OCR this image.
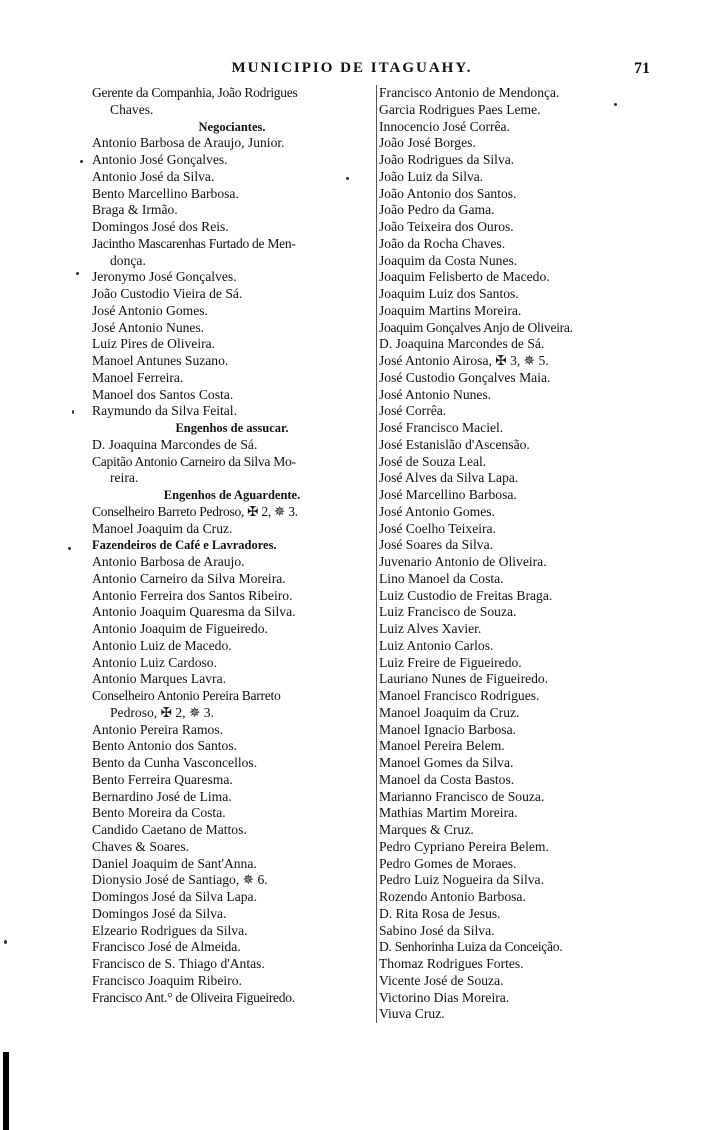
MUNICIPIO DE ITAGUAHY.	71
Gerente da Companhia, João Rodrigues
Chaves.
Negociantes.
Antonio Barbosa de Araujo, Junior.
Antonio José Gonçalves.
Antonio José da Silva.
Bento Marcellino Barbosa.
Braga & Irmão.
Domingos José dos Reis.
Jacintho Mascarenhas Furtado de Men-
donça.
Jeronymo José Gonçalves.
João Custodio Vieira de Sá.
José Antonio Gomes.
José Antonio Nunes.
Luiz Pires de Oliveira.
Manoel Antunes Suzano.
Manoel Ferreira.
Manoel dos Santos Costa.
Raymundo da Silva Feital.
Engenhos de assucar.
D. Joaquina Marcondes de Sá.
Capitão Antonio Carneiro da Silva Mo-
reira.
Engenhos de Aguardente.
Conselheiro Barreto Pedroso, ✠ 2, ✵ 3.
Manoel Joaquim da Cruz.
Fazendeiros de Café e Lavradores.
Antonio Barbosa de Araujo.
Antonio Carneiro da Silva Moreira.
Antonio Ferreira dos Santos Ribeiro.
Antonio Joaquim Quaresma da Silva.
Antonio Joaquim de Figueiredo.
Antonio Luiz de Macedo.
Antonio Luiz Cardoso.
Antonio Marques Lavra.
Conselheiro Antonio Pereira Barreto
Pedroso, ✠ 2, ✵ 3.
Antonio Pereira Ramos.
Bento Antonio dos Santos.
Bento da Cunha Vasconcellos.
Bento Ferreira Quaresma.
Bernardino José de Lima.
Bento Moreira da Costa.
Candido Caetano de Mattos.
Chaves & Soares.
Daniel Joaquim de Sant'Anna.
Dionysio José de Santiago, ✵ 6.
Domingos José da Silva Lapa.
Domingos José da Silva.
Elzeario Rodrigues da Silva.
Francisco José de Almeida.
Francisco de S. Thiago d'Antas.
Francisco Joaquim Ribeiro.
Francisco Ant.° de Oliveira Figueiredo.
Francisco Antonio de Mendonça.
Garcia Rodrigues Paes Leme.
Innocencio José Corrêa.
João José Borges.
João Rodrigues da Silva.
João Luiz da Silva.
João Antonio dos Santos.
João Pedro da Gama.
João Teixeira dos Ouros.
João da Rocha Chaves.
Joaquim da Costa Nunes.
Joaquim Felisberto de Macedo.
Joaquim Luiz dos Santos.
Joaquim Martins Moreira.
Joaquim Gonçalves Anjo de Oliveira.
D. Joaquina Marcondes de Sá.
José Antonio Airosa, ✠ 3, ✵ 5.
José Custodio Gonçalves Maia.
José Antonio Nunes.
José Corrêa.
José Francisco Maciel.
José Estanislão d'Ascensão.
José de Souza Leal.
José Alves da Silva Lapa.
José Marcellino Barbosa.
José Antonio Gomes.
José Coelho Teixeira.
José Soares da Silva.
Juvenario Antonio de Oliveira.
Lino Manoel da Costa.
Luiz Custodio de Freitas Braga.
Luiz Francisco de Souza.
Luiz Alves Xavier.
Luiz Antonio Carlos.
Luiz Freire de Figueiredo.
Lauriano Nunes de Figueiredo.
Manoel Francisco Rodrigues.
Manoel Joaquim da Cruz.
Manoel Ignacio Barbosa.
Manoel Pereira Belem.
Manoel Gomes da Silva.
Manoel da Costa Bastos.
Marianno Francisco de Souza.
Mathias Martim Moreira.
Marques & Cruz.
Pedro Cypriano Pereira Belem.
Pedro Gomes de Moraes.
Pedro Luiz Nogueira da Silva.
Rozendo Antonio Barbosa.
D. Rita Rosa de Jesus.
Sabino José da Silva.
D. Senhorinha Luiza da Conceição.
Thomaz Rodrigues Fortes.
Vicente José de Souza.
Victorino Dias Moreira.
Viuva Cruz.
